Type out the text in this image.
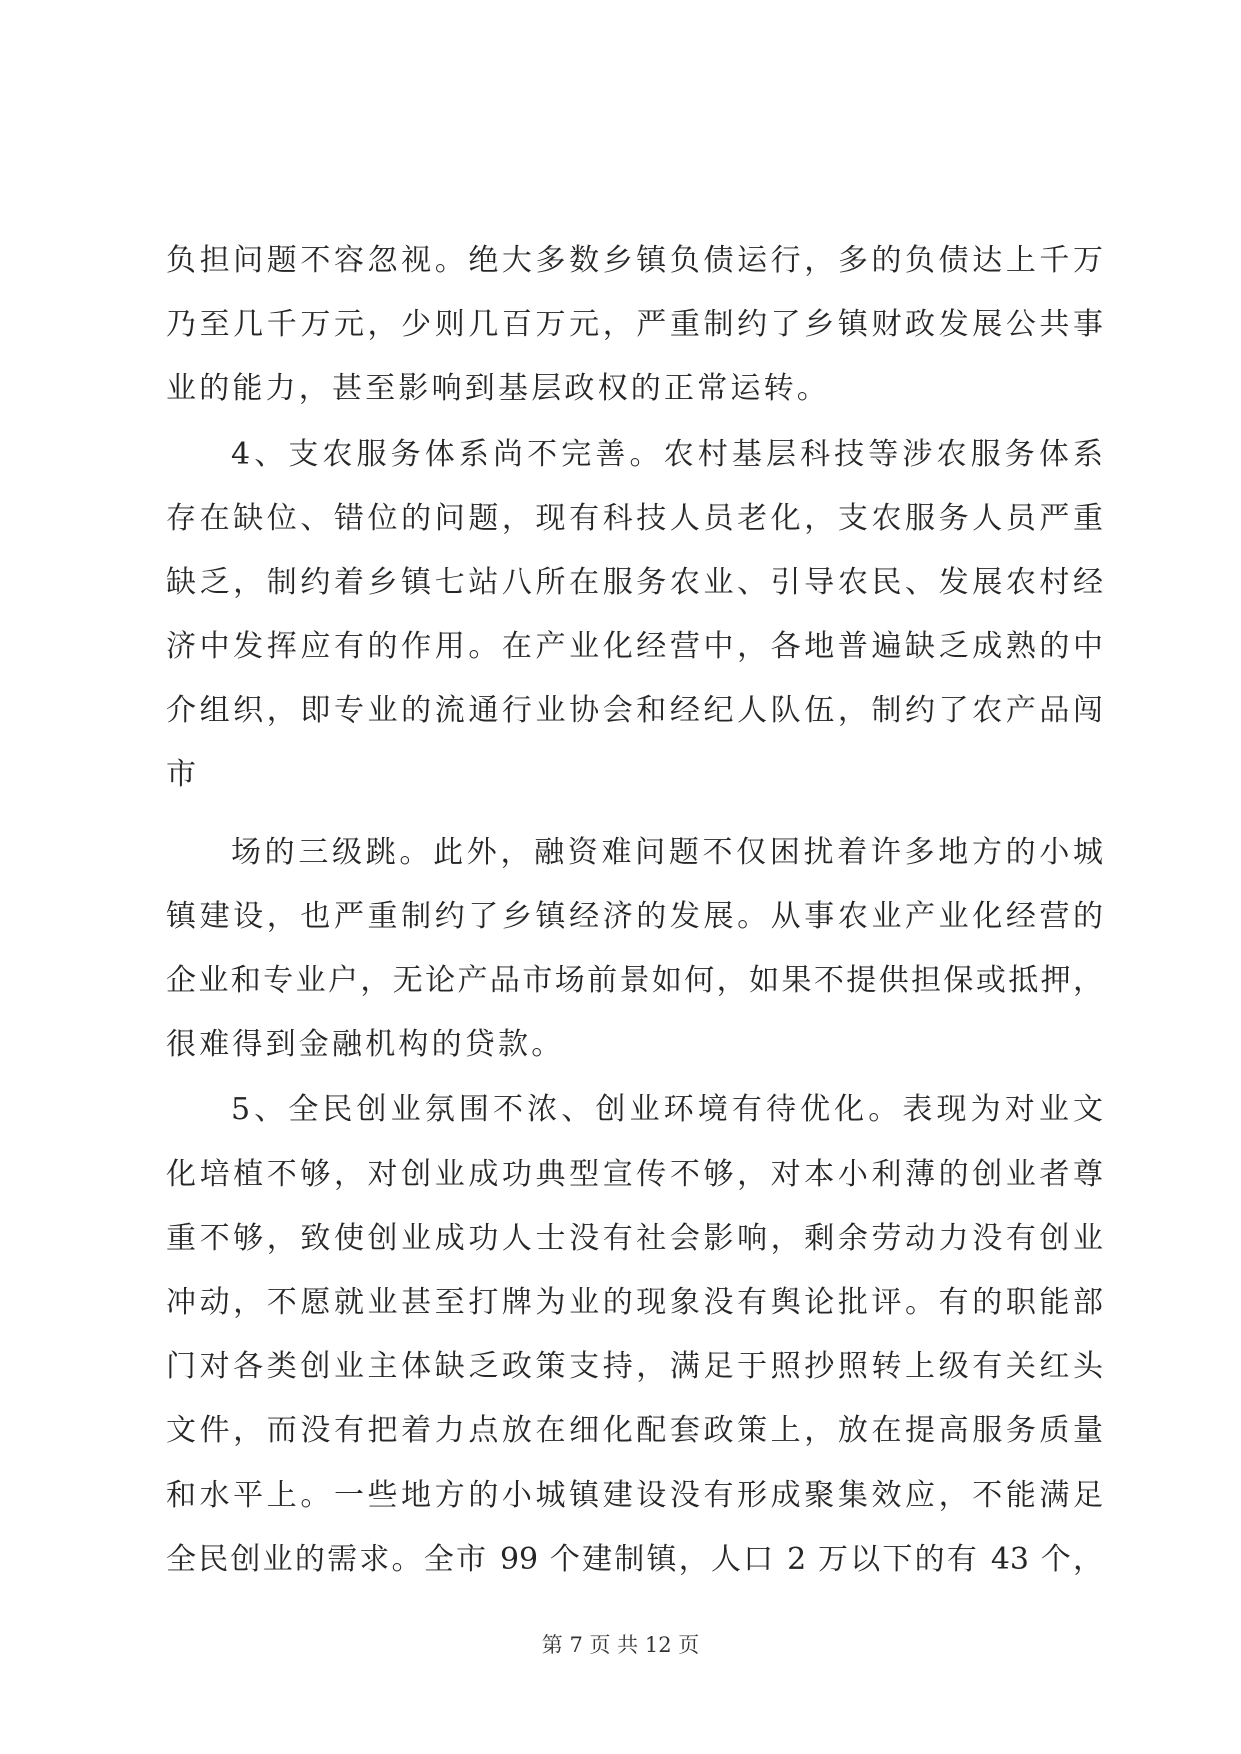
负担问题不容忽视。绝大多数乡镇负债运行，多的负债达上千万
乃至几千万元，少则几百万元，严重制约了乡镇财政发展公共事
业的能力，甚至影响到基层政权的正常运转。
4、支农服务体系尚不完善。农村基层科技等涉农服务体系
存在缺位、错位的问题，现有科技人员老化，支农服务人员严重
缺乏，制约着乡镇七站八所在服务农业、引导农民、发展农村经
济中发挥应有的作用。在产业化经营中，各地普遍缺乏成熟的中
介组织，即专业的流通行业协会和经纪人队伍，制约了农产品闯
市
场的三级跳。此外，融资难问题不仅困扰着许多地方的小城
镇建设，也严重制约了乡镇经济的发展。从事农业产业化经营的
企业和专业户，无论产品市场前景如何，如果不提供担保或抵押，
很难得到金融机构的贷款。
5、全民创业氛围不浓、创业环境有待优化。表现为对业文
化培植不够，对创业成功典型宣传不够，对本小利薄的创业者尊
重不够，致使创业成功人士没有社会影响，剩余劳动力没有创业
冲动，不愿就业甚至打牌为业的现象没有舆论批评。有的职能部
门对各类创业主体缺乏政策支持，满足于照抄照转上级有关红头
文件，而没有把着力点放在细化配套政策上，放在提高服务质量
和水平上。一些地方的小城镇建设没有形成聚集效应，不能满足
全民创业的需求。全市 99 个建制镇，人口 2 万以下的有 43 个，
第 7 页 共 12 页
